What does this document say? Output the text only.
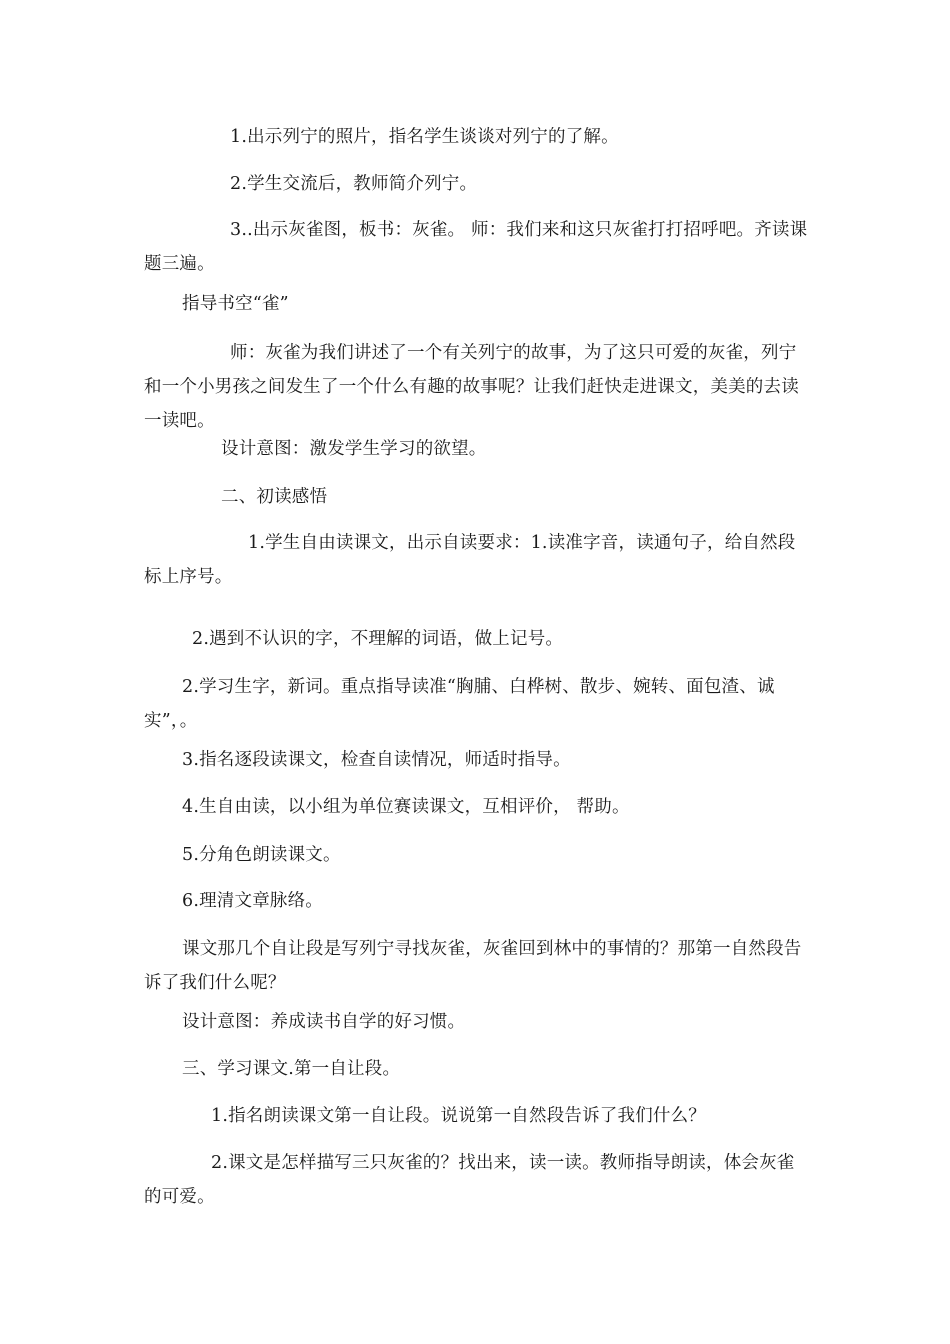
1.出示列宁的照片，指名学生谈谈对列宁的了解。

2.学生交流后，教师简介列宁。

3..出示灰雀图，板书：灰雀。 师：我们来和这只灰雀打打招呼吧。齐读课题三遍。

指导书空“雀”

师：灰雀为我们讲述了一个有关列宁的故事，为了这只可爱的灰雀，列宁和一个小男孩之间发生了一个什么有趣的故事呢？让我们赶快走进课文，美美的去读一读吧。

设计意图：激发学生学习的欲望。

二、初读感悟

1.学生自由读课文，出示自读要求：1.读准字音，读通句子，给自然段标上序号。

2.遇到不认识的字，不理解的词语，做上记号。

2.学习生字，新词。重点指导读准“胸脯、白桦树、散步、婉转、面包渣、诚实”，。

3.指名逐段读课文，检查自读情况，师适时指导。

4.生自由读，以小组为单位赛读课文，互相评价， 帮助。

5.分角色朗读课文。

6.理清文章脉络。

课文那几个自让段是写列宁寻找灰雀，灰雀回到林中的事情的？那第一自然段告诉了我们什么呢？

设计意图：养成读书自学的好习惯。

三、学习课文.第一自让段。

1.指名朗读课文第一自让段。说说第一自然段告诉了我们什么？

2.课文是怎样描写三只灰雀的？找出来，读一读。教师指导朗读，体会灰雀的可爱。
